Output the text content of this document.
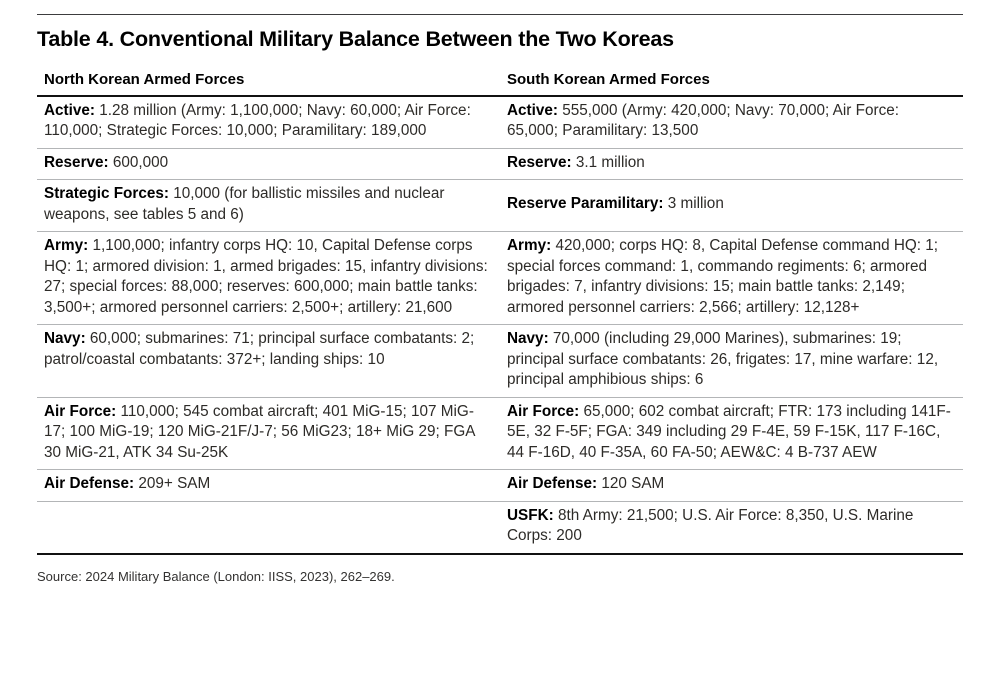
Table 4. Conventional Military Balance Between the Two Koreas
North Korean Armed Forces	South Korean Armed Forces
Active: 1.28 million (Army: 1,100,000; Navy: 60,000; Air Force: 110,000; Strategic Forces: 10,000; Paramilitary: 189,000	Active: 555,000 (Army: 420,000; Navy: 70,000; Air Force: 65,000; Paramilitary: 13,500
Reserve: 600,000	Reserve: 3.1 million
Strategic Forces: 10,000 (for ballistic missiles and nuclear weapons, see tables 5 and 6)	Reserve Paramilitary: 3 million
Army: 1,100,000; infantry corps HQ: 10, Capital Defense corps HQ: 1; armored division: 1, armed brigades: 15, infantry divisions: 27; special forces: 88,000; reserves: 600,000; main battle tanks: 3,500+; armored personnel carriers: 2,500+; artillery: 21,600	Army: 420,000; corps HQ: 8, Capital Defense command HQ: 1; special forces command: 1, commando regiments: 6; armored brigades: 7, infantry divisions: 15; main battle tanks: 2,149; armored personnel carriers: 2,566; artillery: 12,128+
Navy: 60,000; submarines: 71; principal surface combatants: 2; patrol/coastal combatants: 372+; landing ships: 10	Navy: 70,000 (including 29,000 Marines), submarines: 19; principal surface combatants: 26, frigates: 17, mine warfare: 12, principal amphibious ships: 6
Air Force: 110,000; 545 combat aircraft; 401 MiG-15; 107 MiG-17; 100 MiG-19; 120 MiG-21F/J-7; 56 MiG23; 18+ MiG 29; FGA 30 MiG-21, ATK 34 Su-25K	Air Force: 65,000; 602 combat aircraft; FTR: 173 including 141F-5E, 32 F-5F; FGA: 349 including 29 F-4E, 59 F-15K, 117 F-16C, 44 F-16D, 40 F-35A, 60 FA-50; AEW&C: 4 B-737 AEW
Air Defense: 209+ SAM	Air Defense: 120 SAM
	USFK: 8th Army: 21,500; U.S. Air Force: 8,350, U.S. Marine Corps: 200

Source: 2024 Military Balance (London: IISS, 2023), 262–269.
